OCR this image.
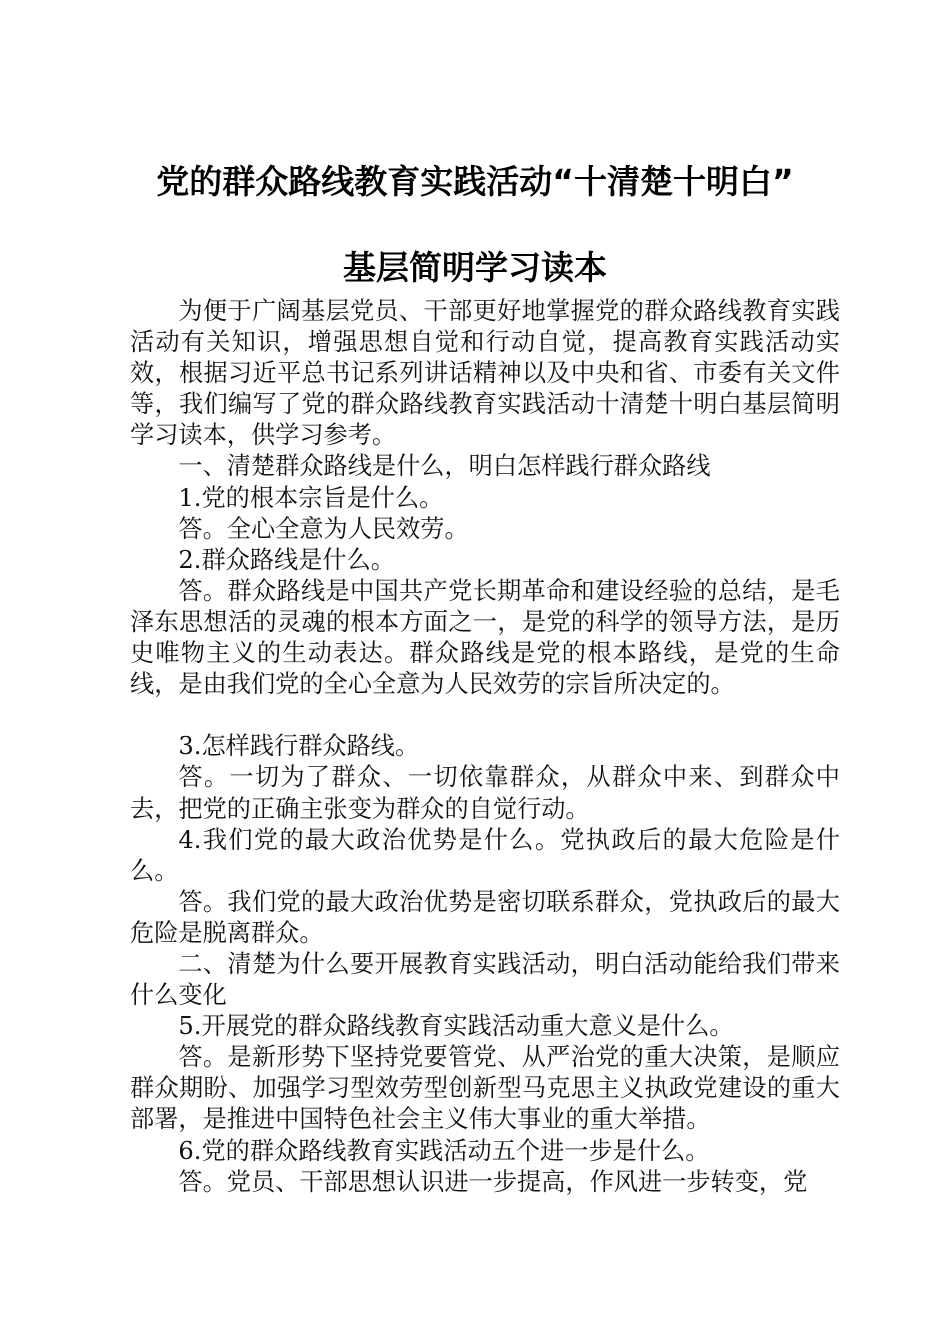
党的群众路线教育实践活动“十清楚十明白”
基层简明学习读本

为便于广阔基层党员、干部更好地掌握党的群众路线教育实践活动有关知识，增强思想自觉和行动自觉，提高教育实践活动实效，根据习近平总书记系列讲话精神以及中央和省、市委有关文件等，我们编写了党的群众路线教育实践活动十清楚十明白基层简明学习读本，供学习参考。

一、清楚群众路线是什么，明白怎样践行群众路线

1.党的根本宗旨是什么。

答。全心全意为人民效劳。

2.群众路线是什么。

答。群众路线是中国共产党长期革命和建设经验的总结，是毛泽东思想活的灵魂的根本方面之一，是党的科学的领导方法，是历史唯物主义的生动表达。群众路线是党的根本路线，是党的生命线，是由我们党的全心全意为人民效劳的宗旨所决定的。

3.怎样践行群众路线。

答。一切为了群众、一切依靠群众，从群众中来、到群众中去，把党的正确主张变为群众的自觉行动。

4.我们党的最大政治优势是什么。党执政后的最大危险是什么。

答。我们党的最大政治优势是密切联系群众，党执政后的最大危险是脱离群众。

二、清楚为什么要开展教育实践活动，明白活动能给我们带来什么变化

5.开展党的群众路线教育实践活动重大意义是什么。

答。是新形势下坚持党要管党、从严治党的重大决策，是顺应群众期盼、加强学习型效劳型创新型马克思主义执政党建设的重大部署，是推进中国特色社会主义伟大事业的重大举措。

6.党的群众路线教育实践活动五个进一步是什么。

答。党员、干部思想认识进一步提高，作风进一步转变，党
